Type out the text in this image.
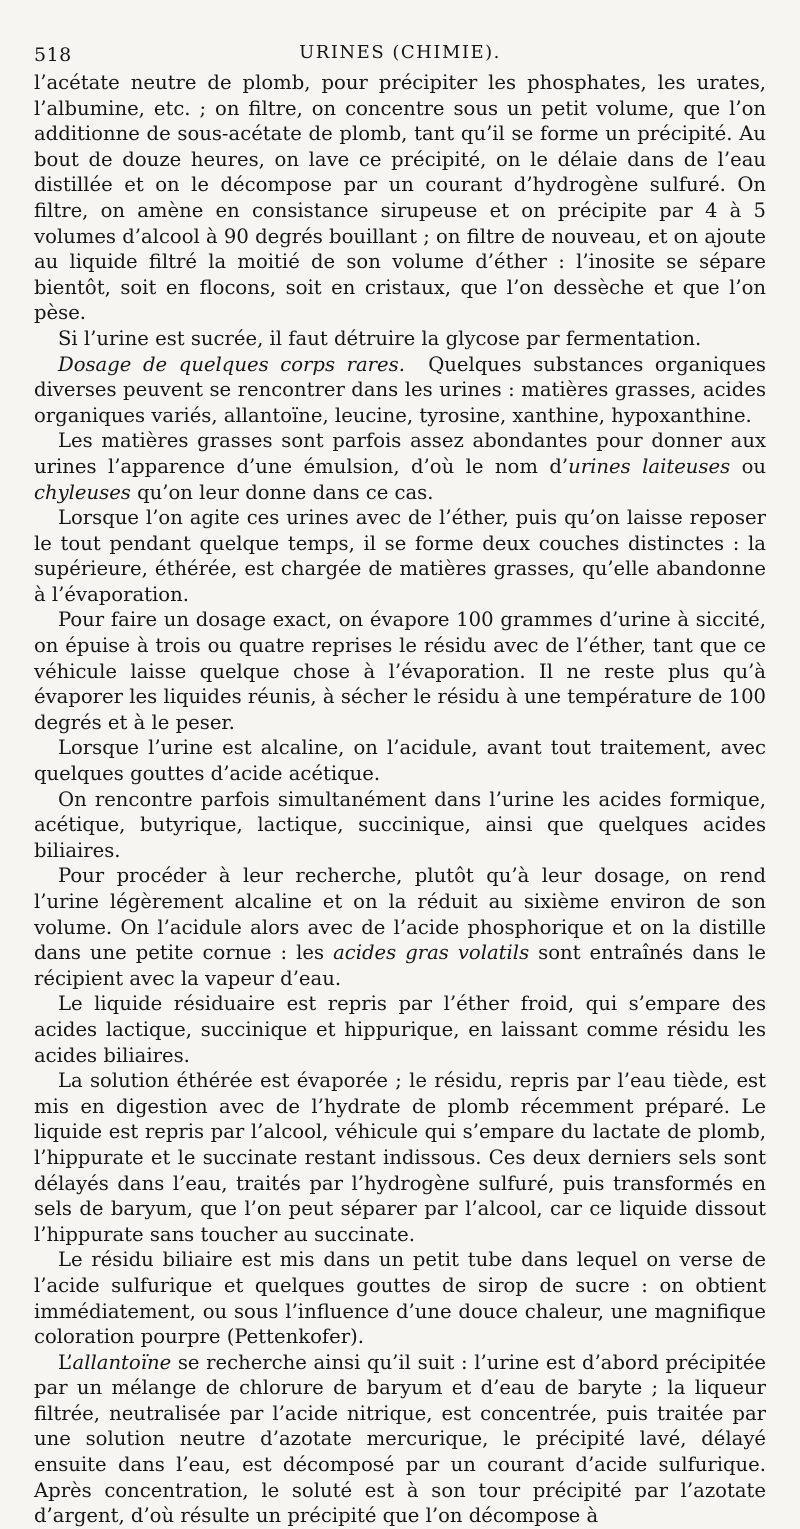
518	URINES (CHIMIE).

l’acétate neutre de plomb, pour précipiter les phosphates, les urates, l’albumine, etc. ; on filtre, on concentre sous un petit volume, que l’on additionne de sous-acétate de plomb, tant qu’il se forme un précipité. Au bout de douze heures, on lave ce précipité, on le délaie dans de l’eau distillée et on le décompose par un courant d’hydrogène sulfuré. On filtre, on amène en consistance sirupeuse et on précipite par 4 à 5 volumes d’alcool à 90 degrés bouillant ; on filtre de nouveau, et on ajoute au liquide filtré la moitié de son volume d’éther : l’inosite se sépare bientôt, soit en flocons, soit en cristaux, que l’on dessèche et que l’on pèse.

Si l’urine est sucrée, il faut détruire la glycose par fermentation.

Dosage de quelques corps rares. Quelques substances organiques diverses peuvent se rencontrer dans les urines : matières grasses, acides organiques variés, allantoïne, leucine, tyrosine, xanthine, hypoxanthine.

Les matières grasses sont parfois assez abondantes pour donner aux urines l’apparence d’une émulsion, d’où le nom d’urines laiteuses ou chyleuses qu’on leur donne dans ce cas.

Lorsque l’on agite ces urines avec de l’éther, puis qu’on laisse reposer le tout pendant quelque temps, il se forme deux couches distinctes : la supérieure, éthérée, est chargée de matières grasses, qu’elle abandonne à l’évaporation.

Pour faire un dosage exact, on évapore 100 grammes d’urine à siccité, on épuise à trois ou quatre reprises le résidu avec de l’éther, tant que ce véhicule laisse quelque chose à l’évaporation. Il ne reste plus qu’à évaporer les liquides réunis, à sécher le résidu à une température de 100 degrés et à le peser.

Lorsque l’urine est alcaline, on l’acidule, avant tout traitement, avec quelques gouttes d’acide acétique.

On rencontre parfois simultanément dans l’urine les acides formique, acétique, butyrique, lactique, succinique, ainsi que quelques acides biliaires.

Pour procéder à leur recherche, plutôt qu’à leur dosage, on rend l’urine légèrement alcaline et on la réduit au sixième environ de son volume. On l’acidule alors avec de l’acide phosphorique et on la distille dans une petite cornue : les acides gras volatils sont entraînés dans le récipient avec la vapeur d’eau.

Le liquide résiduaire est repris par l’éther froid, qui s’empare des acides lactique, succinique et hippurique, en laissant comme résidu les acides biliaires.

La solution éthérée est évaporée ; le résidu, repris par l’eau tiède, est mis en digestion avec de l’hydrate de plomb récemment préparé. Le liquide est repris par l’alcool, véhicule qui s’empare du lactate de plomb, l’hippurate et le succinate restant indissous. Ces deux derniers sels sont délayés dans l’eau, traités par l’hydrogène sulfuré, puis transformés en sels de baryum, que l’on peut séparer par l’alcool, car ce liquide dissout l’hippurate sans toucher au succinate.

Le résidu biliaire est mis dans un petit tube dans lequel on verse de l’acide sulfurique et quelques gouttes de sirop de sucre : on obtient immédiatement, ou sous l’influence d’une douce chaleur, une magnifique coloration pourpre (Pettenkofer).

L’allantoïne se recherche ainsi qu’il suit : l’urine est d’abord précipitée par un mélange de chlorure de baryum et d’eau de baryte ; la liqueur filtrée, neutralisée par l’acide nitrique, est concentrée, puis traitée par une solution neutre d’azotate mercurique, le précipité lavé, délayé ensuite dans l’eau, est décomposé par un courant d’acide sulfurique. Après concentration, le soluté est à son tour précipité par l’azotate d’argent, d’où résulte un précipité que l’on décompose à
